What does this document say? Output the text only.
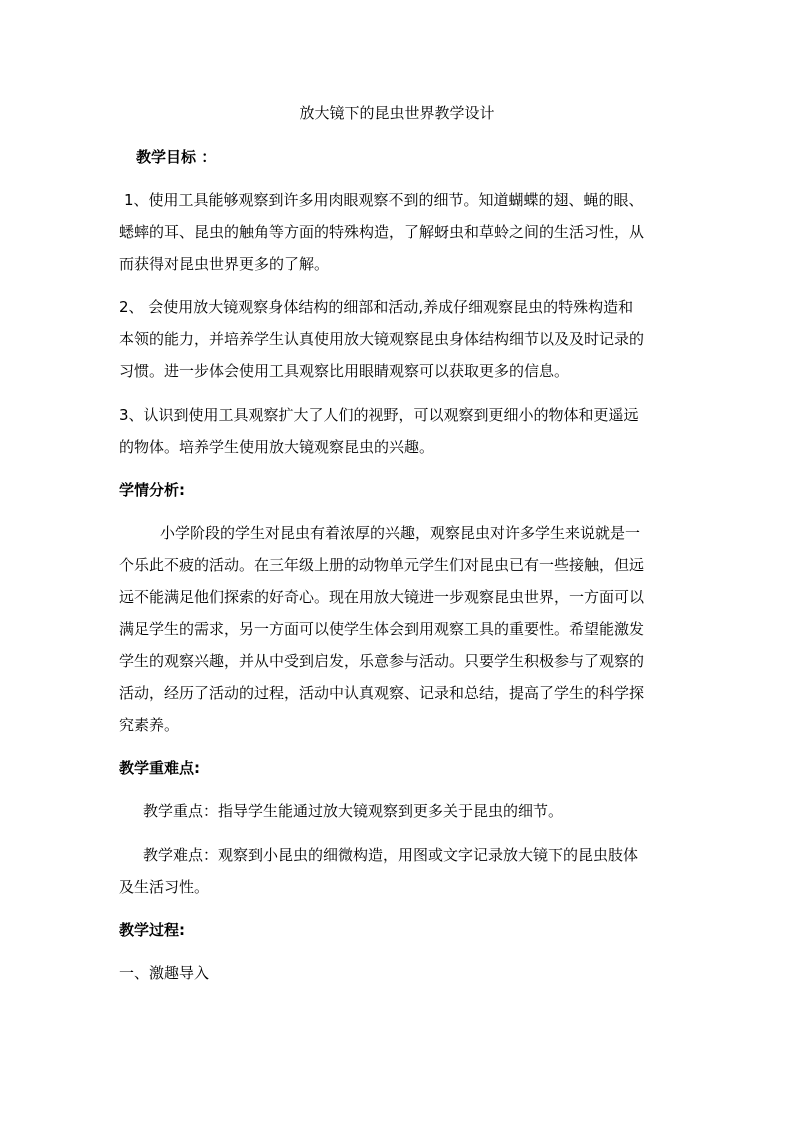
放大镜下的昆虫世界教学设计
教学目标 ：
1、使用工具能够观察到许多用肉眼观察不到的细节。知道蝴蝶的翅、蝇的眼、
蟋蟀的耳、昆虫的触角等方面的特殊构造，了解蚜虫和草蛉之间的生活习性，从
而获得对昆虫世界更多的了解。
2、 会使用放大镜观察身体结构的细部和活动,养成仔细观察昆虫的特殊构造和
本领的能力，并培养学生认真使用放大镜观察昆虫身体结构细节以及及时记录的
习惯。进一步体会使用工具观察比用眼睛观察可以获取更多的信息。
3、认识到使用工具观察扩大了人们的视野，可以观察到更细小的物体和更遥远
的物体。培养学生使用放大镜观察昆虫的兴趣。
学情分析:
小学阶段的学生对昆虫有着浓厚的兴趣，观察昆虫对许多学生来说就是一
个乐此不疲的活动。在三年级上册的动物单元学生们对昆虫已有一些接触，但远
远不能满足他们探索的好奇心。现在用放大镜进一步观察昆虫世界，一方面可以
满足学生的需求，另一方面可以使学生体会到用观察工具的重要性。希望能激发
学生的观察兴趣，并从中受到启发，乐意参与活动。只要学生积极参与了观察的
活动，经历了活动的过程，活动中认真观察、记录和总结，提高了学生的科学探
究素养。
教学重难点:
教学重点：指导学生能通过放大镜观察到更多关于昆虫的细节。
教学难点：观察到小昆虫的细微构造，用图或文字记录放大镜下的昆虫肢体
及生活习性。
教学过程:
一、激趣导入
